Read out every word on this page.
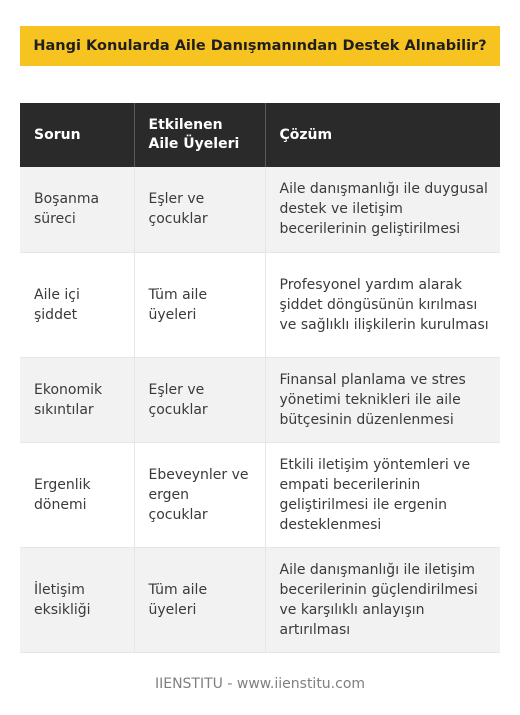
Hangi Konularda Aile Danışmanından Destek Alınabilir?
Sorun	Etkilenen Aile Üyeleri	Çözüm
Boşanma süreci	Eşler ve çocuklar	Aile danışmanlığı ile duygusal destek ve iletişim becerilerinin geliştirilmesi
Aile içi şiddet	Tüm aile üyeleri	Profesyonel yardım alarak şiddet döngüsünün kırılması ve sağlıklı ilişkilerin kurulması
Ekonomik sıkıntılar	Eşler ve çocuklar	Finansal planlama ve stres yönetimi teknikleri ile aile bütçesinin düzenlenmesi
Ergenlik dönemi	Ebeveynler ve ergen çocuklar	Etkili iletişim yöntemleri ve empati becerilerinin geliştirilmesi ile ergenin desteklenmesi
İletişim eksikliği	Tüm aile üyeleri	Aile danışmanlığı ile iletişim becerilerinin güçlendirilmesi ve karşılıklı anlayışın artırılması
IIENSTITU - www.iienstitu.com
